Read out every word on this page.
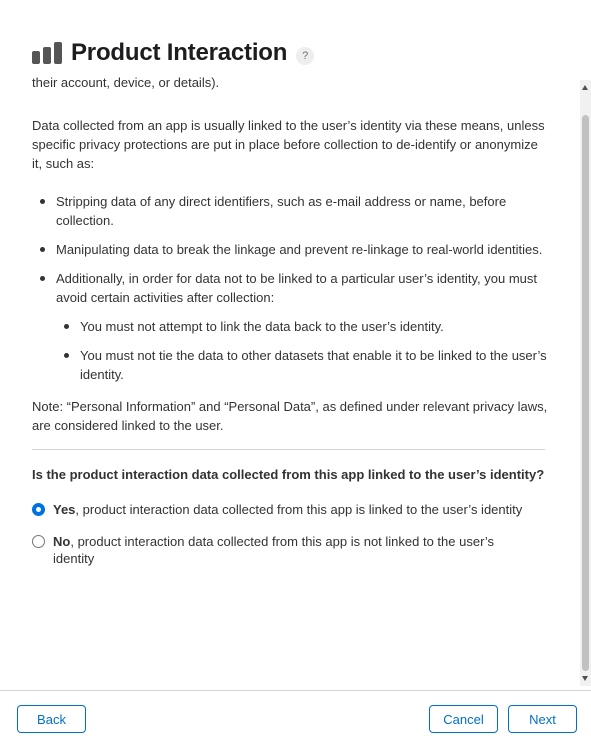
Product Interaction	?

their account, device, or details).

Data collected from an app is usually linked to the user’s identity via these means, unless specific privacy protections are put in place before collection to de-identify or anonymize it, such as:

Stripping data of any direct identifiers, such as e-mail address or name, before collection.
Manipulating data to break the linkage and prevent re-linkage to real-world identities.
Additionally, in order for data not to be linked to a particular user’s identity, you must avoid certain activities after collection:
You must not attempt to link the data back to the user’s identity.
You must not tie the data to other datasets that enable it to be linked to the user’s identity.

Note: “Personal Information” and “Personal Data”, as defined under relevant privacy laws, are considered linked to the user.

Is the product interaction data collected from this app linked to the user’s identity?

Yes, product interaction data collected from this app is linked to the user’s identity
No, product interaction data collected from this app is not linked to the user’s identity
Back	Cancel	Next
